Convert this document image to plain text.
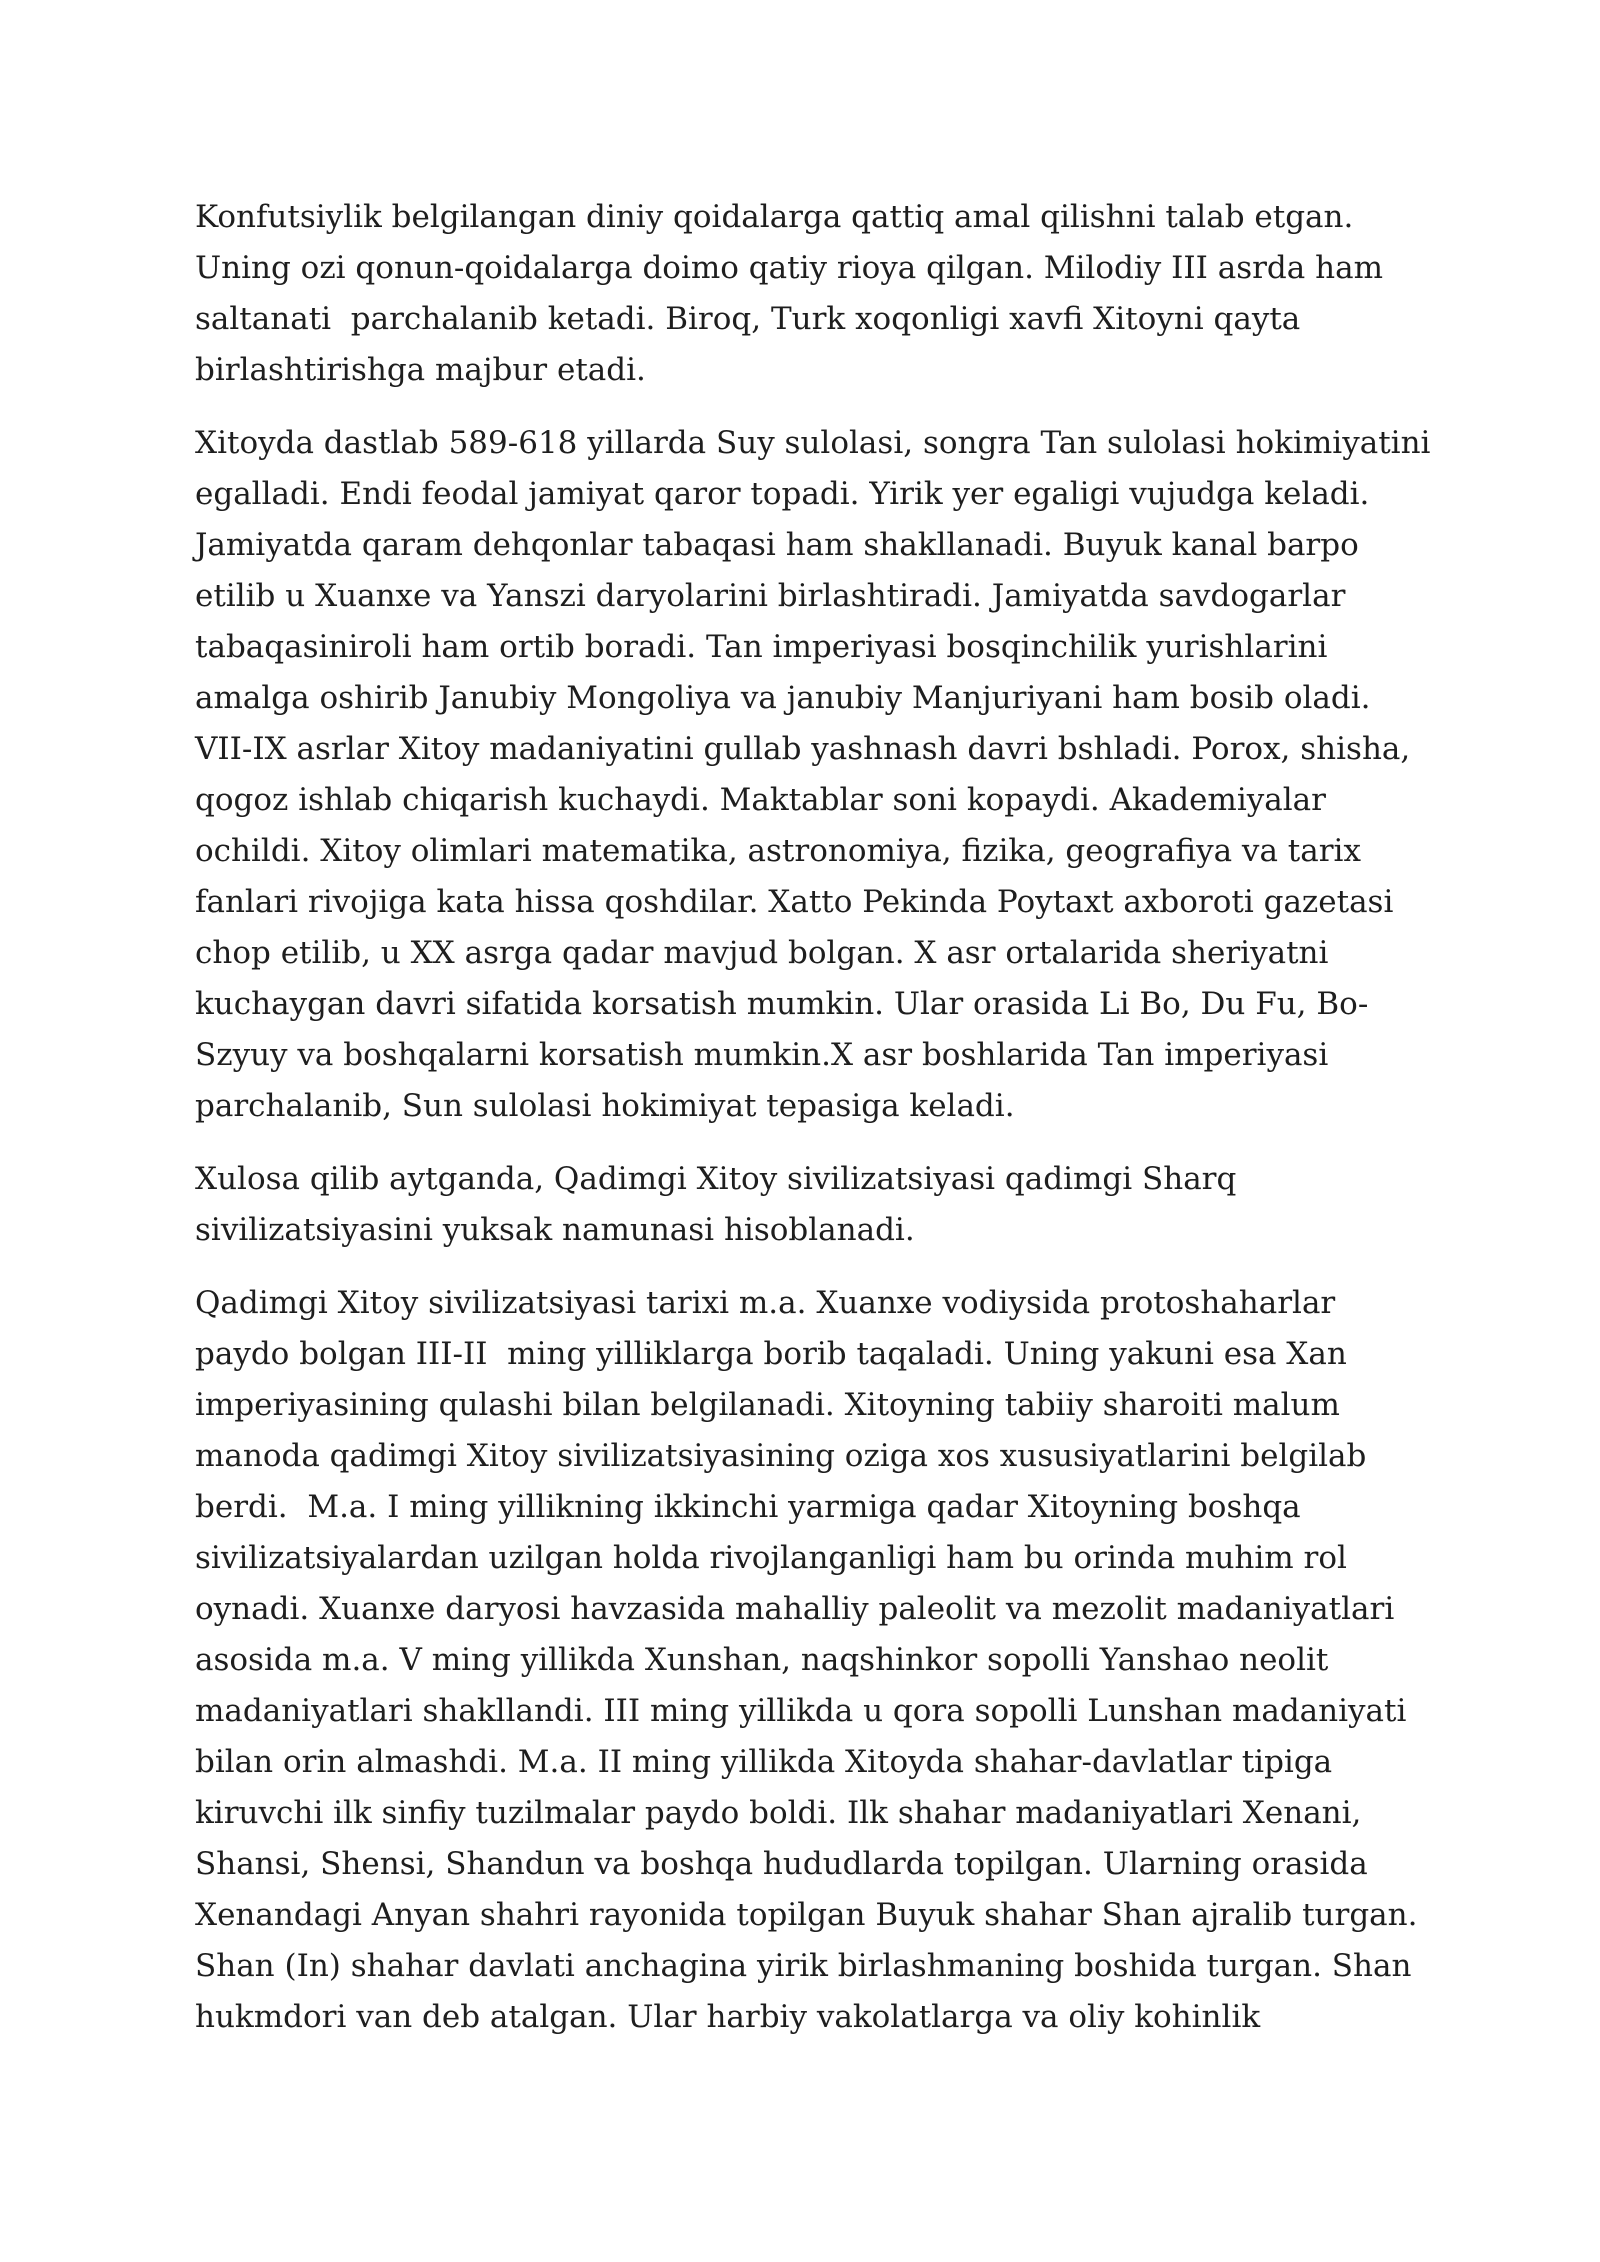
Konfutsiylik belgilangan diniy qoidalarga qattiq amal qilishni talab etgan.
Uning ozi qonun-qoidalarga doimo qatiy rioya qilgan. Milodiy III asrda ham
saltanati  parchalanib ketadi. Biroq, Turk xoqonligi xavfi Xitoyni qayta
birlashtirishga majbur etadi.

Xitoyda dastlab 589-618 yillarda Suy sulolasi, songra Tan sulolasi hokimiyatini
egalladi. Endi feodal jamiyat qaror topadi. Yirik yer egaligi vujudga keladi.
Jamiyatda qaram dehqonlar tabaqasi ham shakllanadi. Buyuk kanal barpo
etilib u Xuanxe va Yanszi daryolarini birlashtiradi. Jamiyatda savdogarlar
tabaqasiniroli ham ortib boradi. Tan imperiyasi bosqinchilik yurishlarini
amalga oshirib Janubiy Mongoliya va janubiy Manjuriyani ham bosib oladi.
VII-IX asrlar Xitoy madaniyatini gullab yashnash davri bshladi. Porox, shisha,
qogoz ishlab chiqarish kuchaydi. Maktablar soni kopaydi. Akademiyalar
ochildi. Xitoy olimlari matematika, astronomiya, fizika, geografiya va tarix
fanlari rivojiga kata hissa qoshdilar. Xatto Pekinda Poytaxt axboroti gazetasi
chop etilib, u XX asrga qadar mavjud bolgan. X asr ortalarida sheriyatni
kuchaygan davri sifatida korsatish mumkin. Ular orasida Li Bo, Du Fu, Bo-
Szyuy va boshqalarni korsatish mumkin.X asr boshlarida Tan imperiyasi
parchalanib, Sun sulolasi hokimiyat tepasiga keladi.

Xulosa qilib aytganda, Qadimgi Xitoy sivilizatsiyasi qadimgi Sharq
sivilizatsiyasini yuksak namunasi hisoblanadi.

Qadimgi Xitoy sivilizatsiyasi tarixi m.a. Xuanxe vodiysida protoshaharlar
paydo bolgan III-II  ming yilliklarga borib taqaladi. Uning yakuni esa Xan
imperiyasining qulashi bilan belgilanadi. Xitoyning tabiiy sharoiti malum
manoda qadimgi Xitoy sivilizatsiyasining oziga xos xususiyatlarini belgilab
berdi.  M.a. I ming yillikning ikkinchi yarmiga qadar Xitoyning boshqa
sivilizatsiyalardan uzilgan holda rivojlanganligi ham bu orinda muhim rol
oynadi. Xuanxe daryosi havzasida mahalliy paleolit va mezolit madaniyatlari
asosida m.a. V ming yillikda Xunshan, naqshinkor sopolli Yanshao neolit
madaniyatlari shakllandi. III ming yillikda u qora sopolli Lunshan madaniyati
bilan orin almashdi. M.a. II ming yillikda Xitoyda shahar-davlatlar tipiga
kiruvchi ilk sinfiy tuzilmalar paydo boldi. Ilk shahar madaniyatlari Xenani,
Shansi, Shensi, Shandun va boshqa hududlarda topilgan. Ularning orasida
Xenandagi Anyan shahri rayonida topilgan Buyuk shahar Shan ajralib turgan.
Shan (In) shahar davlati anchagina yirik birlashmaning boshida turgan. Shan
hukmdori van deb atalgan. Ular harbiy vakolatlarga va oliy kohinlik
